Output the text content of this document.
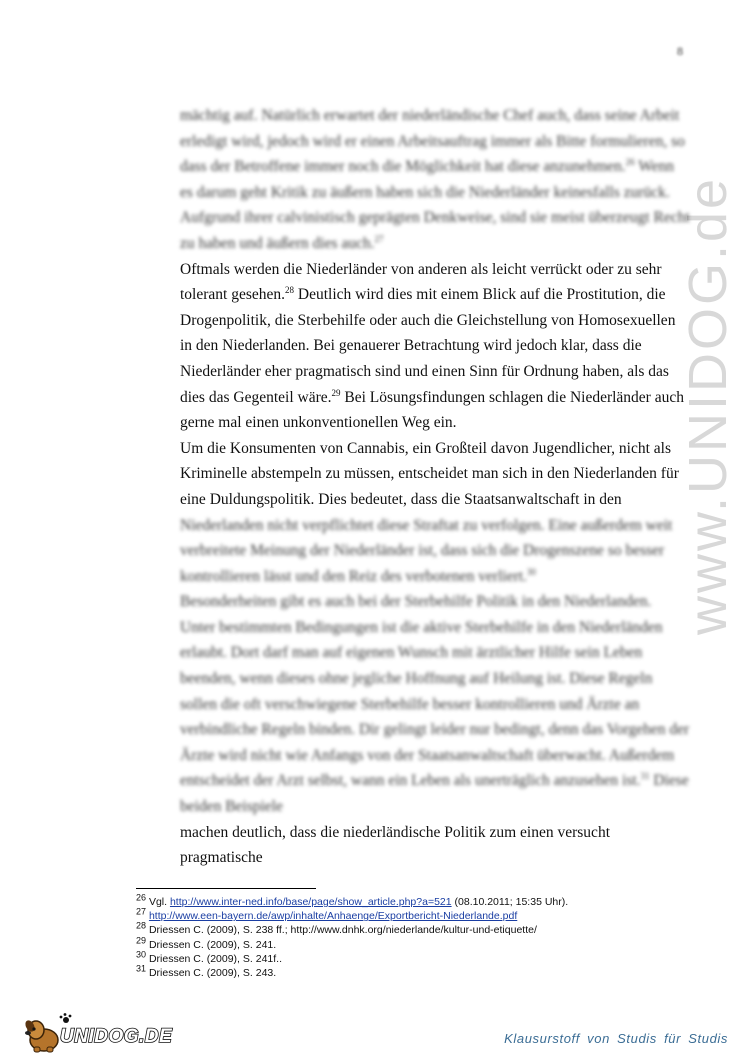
8
www.UNIDOG.de

mächtig auf. Natürlich erwartet der niederländische Chef auch, dass seine Arbeit erledigt wird, jedoch wird er einen Arbeitsauftrag immer als Bitte formulieren, so dass der Betroffene immer noch die Möglichkeit hat diese anzunehmen.$^{26}$ Wenn es darum geht Kritik zu äußern haben sich die Niederländer keinesfalls zurück. Aufgrund ihrer calvinistisch geprägten Denkweise, sind sie meist überzeugt Recht zu haben und äußern dies auch.$^{27}$

Oftmals werden die Niederländer von anderen als leicht verrückt oder zu sehr tolerant gesehen.$^{28}$ Deutlich wird dies mit einem Blick auf die Prostitution, die Drogenpolitik, die Sterbehilfe oder auch die Gleichstellung von Homosexuellen in den Niederlanden. Bei genauerer Betrachtung wird jedoch klar, dass die Niederländer eher pragmatisch sind und einen Sinn für Ordnung haben, als das dies das Gegenteil wäre.$^{29}$ Bei Lösungsfindungen schlagen die Niederländer auch gerne mal einen unkonventionellen Weg ein.

Um die Konsumenten von Cannabis, ein Großteil davon Jugendlicher, nicht als Kriminelle abstempeln zu müssen, entscheidet man sich in den Niederlanden für eine Duldungspolitik. Dies bedeutet, dass die Staatsanwaltschaft in den

Niederlanden nicht verpflichtet diese Straftat zu verfolgen. Eine außerdem weit verbreitete Meinung der Niederländer ist, dass sich die Drogenszene so besser kontrollieren lässt und den Reiz des verbotenen verliert.$^{30}$
Besonderheiten gibt es auch bei der Sterbehilfe Politik in den Niederlanden. Unter bestimmten Bedingungen ist die aktive Sterbehilfe in den Niederländen erlaubt. Dort darf man auf eigenen Wunsch mit ärztlicher Hilfe sein Leben beenden, wenn dieses ohne jegliche Hoffnung auf Heilung ist. Diese Regeln sollen die oft verschwiegene Sterbehilfe besser kontrollieren und Ärzte an verbindliche Regeln binden. Dir gelingt leider nur bedingt, denn das Vorgehen der Ärzte wird nicht wie Anfangs von der Staatsanwaltschaft überwacht. Außerdem entscheidet der Arzt selbst, wann ein Leben als unerträglich anzusehen ist.$^{31}$ Diese beiden Beispiele

machen deutlich, dass die niederländische Politik zum einen versucht pragmatische

$^{26}$ Vgl. http://www.inter-ned.info/base/page/show_article.php?a=521 (08.10.2011; 15:35 Uhr).
$^{27}$ http://www.een-bayern.de/awp/inhalte/Anhaenge/Exportbericht-Niederlande.pdf
$^{28}$ Driessen C. (2009), S. 238 ff.; http://www.dnhk.org/niederlande/kultur-und-etiquette/
$^{29}$ Driessen C. (2009), S. 241.
$^{30}$ Driessen C. (2009), S. 241f..
$^{31}$ Driessen C. (2009), S. 243.
UNIDOG.DE	Klausurstoff von Studis für Studis
